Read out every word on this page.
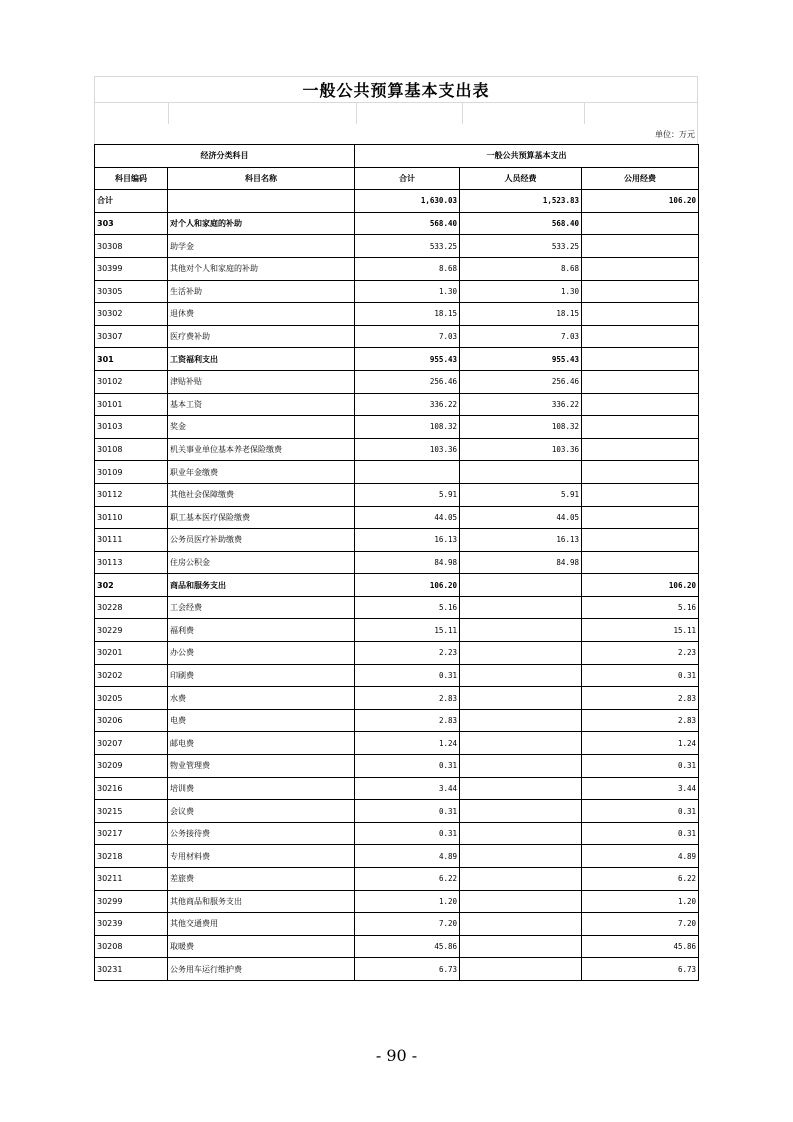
一般公共预算基本支出表
单位：万元
经济分类科目		一般公共预算基本支出		
科目编码	科目名称	合计	人员经费	公用经费
合计		1,630.03	1,523.83	106.20
303	对个人和家庭的补助	568.40	568.40	
30308	助学金	533.25	533.25	
30399	其他对个人和家庭的补助	8.68	8.68	
30305	生活补助	1.30	1.30	
30302	退休费	18.15	18.15	
30307	医疗费补助	7.03	7.03	
301	工资福利支出	955.43	955.43	
30102	津贴补贴	256.46	256.46	
30101	基本工资	336.22	336.22	
30103	奖金	108.32	108.32	
30108	机关事业单位基本养老保险缴费	103.36	103.36	
30109	职业年金缴费			
30112	其他社会保障缴费	5.91	5.91	
30110	职工基本医疗保险缴费	44.05	44.05	
30111	公务员医疗补助缴费	16.13	16.13	
30113	住房公积金	84.98	84.98	
302	商品和服务支出	106.20		106.20
30228	工会经费	5.16		5.16
30229	福利费	15.11		15.11
30201	办公费	2.23		2.23
30202	印刷费	0.31		0.31
30205	水费	2.83		2.83
30206	电费	2.83		2.83
30207	邮电费	1.24		1.24
30209	物业管理费	0.31		0.31
30216	培训费	3.44		3.44
30215	会议费	0.31		0.31
30217	公务接待费	0.31		0.31
30218	专用材料费	4.89		4.89
30211	差旅费	6.22		6.22
30299	其他商品和服务支出	1.20		1.20
30239	其他交通费用	7.20		7.20
30208	取暖费	45.86		45.86
30231	公务用车运行维护费	6.73		6.73
- 90 -
